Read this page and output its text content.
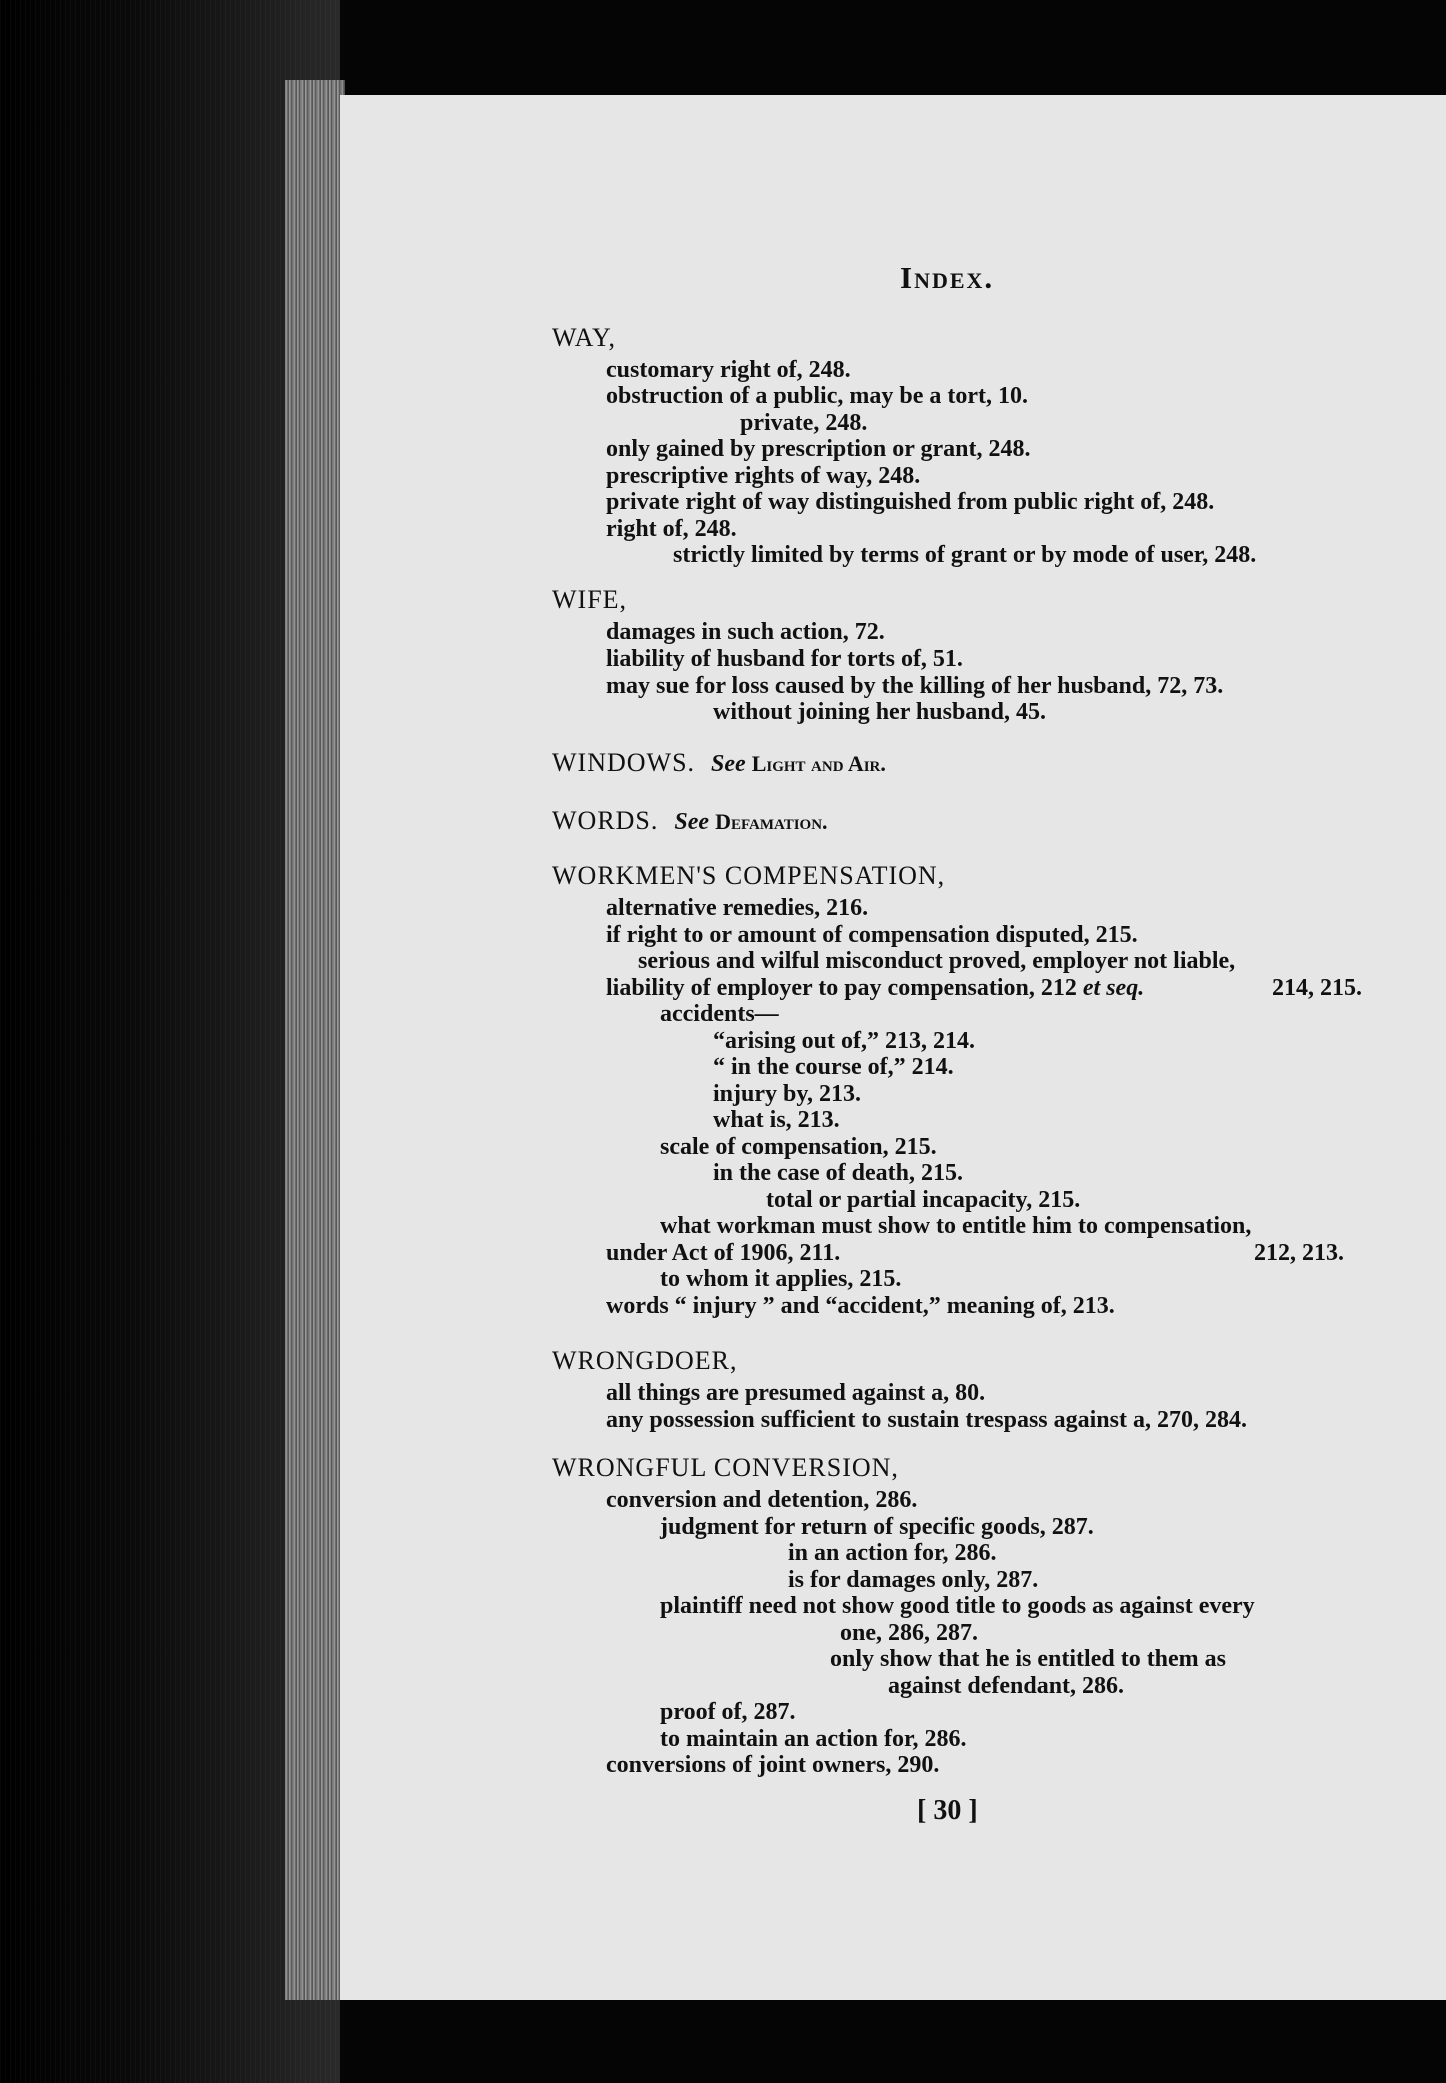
Index.
WAY,
customary right of, 248.
obstruction of a public, may be a tort, 10.
private, 248.
only gained by prescription or grant, 248.
prescriptive rights of way, 248.
private right of way distinguished from public right of, 248.
right of, 248.
strictly limited by terms of grant or by mode of user, 248.
WIFE,
damages in such action, 72.
liability of husband for torts of, 51.
may sue for loss caused by the killing of her husband, 72, 73.
without joining her husband, 45.
WINDOWS. See Light and Air.
WORDS. See Defamation.
WORKMEN'S COMPENSATION,
alternative remedies, 216.
if right to or amount of compensation disputed, 215.
serious and wilful misconduct proved, employer not liable,
214, 215.
liability of employer to pay compensation, 212 et seq.
accidents—
“arising out of,” 213, 214.
“ in the course of,” 214.
injury by, 213.
what is, 213.
scale of compensation, 215.
in the case of death, 215.
total or partial incapacity, 215.
what workman must show to entitle him to compensation,
212, 213.
under Act of 1906, 211.
to whom it applies, 215.
words “ injury ” and “accident,” meaning of, 213.
WRONGDOER,
all things are presumed against a, 80.
any possession sufficient to sustain trespass against a, 270, 284.
WRONGFUL CONVERSION,
conversion and detention, 286.
judgment for return of specific goods, 287.
in an action for, 286.
is for damages only, 287.
plaintiff need not show good title to goods as against every
one, 286, 287.
only show that he is entitled to them as
against defendant, 286.
proof of, 287.
to maintain an action for, 286.
conversions of joint owners, 290.
[ 30 ]
